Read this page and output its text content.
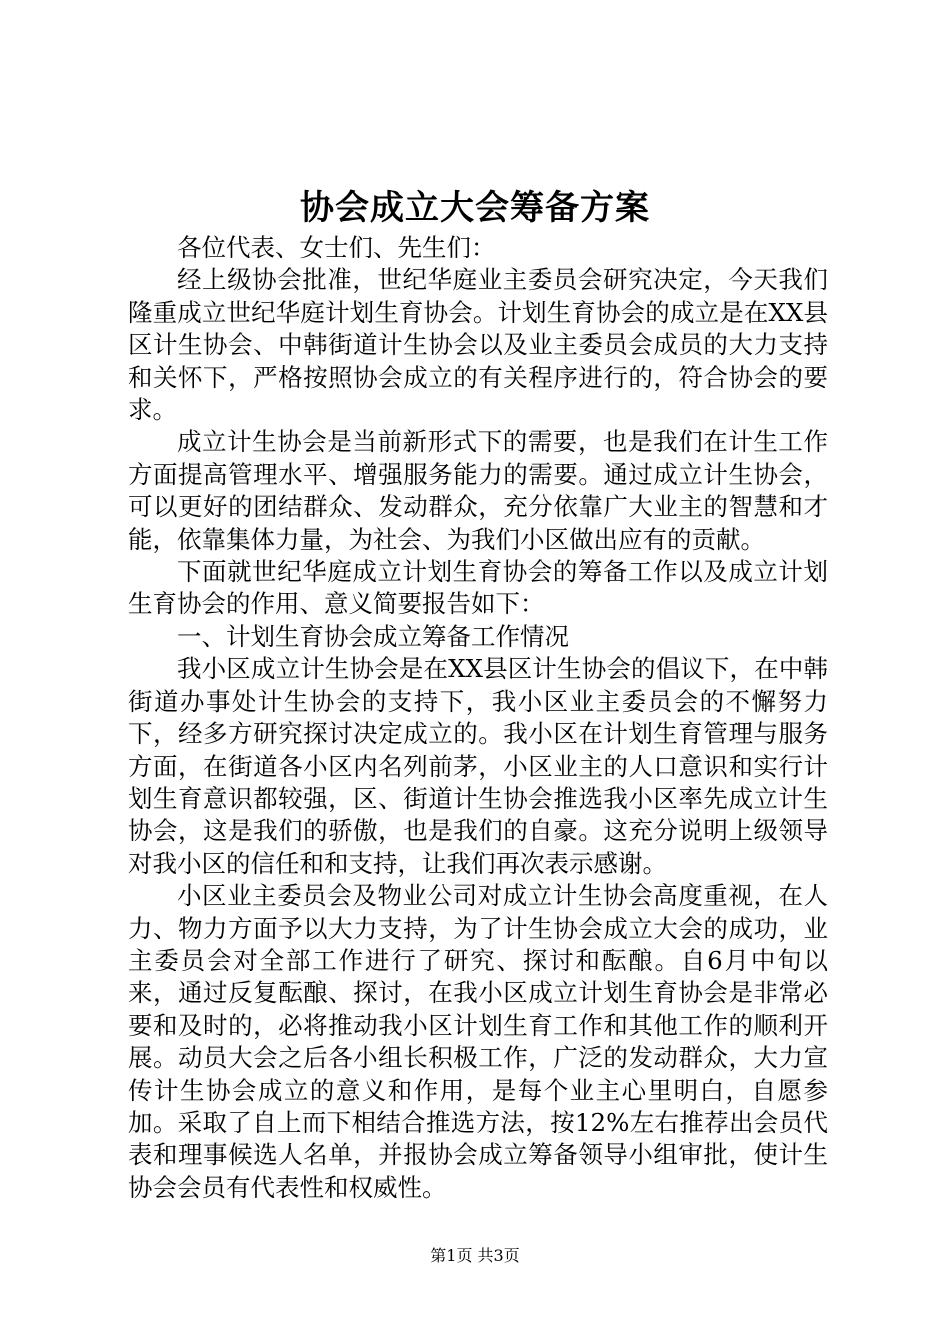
协会成立大会筹备方案

各位代表、女士们、先生们：

经上级协会批准，世纪华庭业主委员会研究决定，今天我们隆重成立世纪华庭计划生育协会。计划生育协会的成立是在XX县区计生协会、中韩街道计生协会以及业主委员会成员的大力支持和关怀下，严格按照协会成立的有关程序进行的，符合协会的要求。

成立计生协会是当前新形式下的需要，也是我们在计生工作方面提高管理水平、增强服务能力的需要。通过成立计生协会，可以更好的团结群众、发动群众，充分依靠广大业主的智慧和才能，依靠集体力量，为社会、为我们小区做出应有的贡献。

下面就世纪华庭成立计划生育协会的筹备工作以及成立计划生育协会的作用、意义简要报告如下：

一、计划生育协会成立筹备工作情况

我小区成立计生协会是在XX县区计生协会的倡议下，在中韩街道办事处计生协会的支持下，我小区业主委员会的不懈努力下，经多方研究探讨决定成立的。我小区在计划生育管理与服务方面，在街道各小区内名列前茅，小区业主的人口意识和实行计划生育意识都较强，区、街道计生协会推选我小区率先成立计生协会，这是我们的骄傲，也是我们的自豪。这充分说明上级领导对我小区的信任和和支持，让我们再次表示感谢。

小区业主委员会及物业公司对成立计生协会高度重视，在人力、物力方面予以大力支持，为了计生协会成立大会的成功，业主委员会对全部工作进行了研究、探讨和酝酿。自6月中旬以来，通过反复酝酿、探讨，在我小区成立计划生育协会是非常必要和及时的，必将推动我小区计划生育工作和其他工作的顺利开展。动员大会之后各小组长积极工作，广泛的发动群众，大力宣传计生协会成立的意义和作用，是每个业主心里明白，自愿参加。采取了自上而下相结合推选方法，按12%左右推荐出会员代表和理事候选人名单，并报协会成立筹备领导小组审批，使计生协会会员有代表性和权威性。

第1页 共3页
